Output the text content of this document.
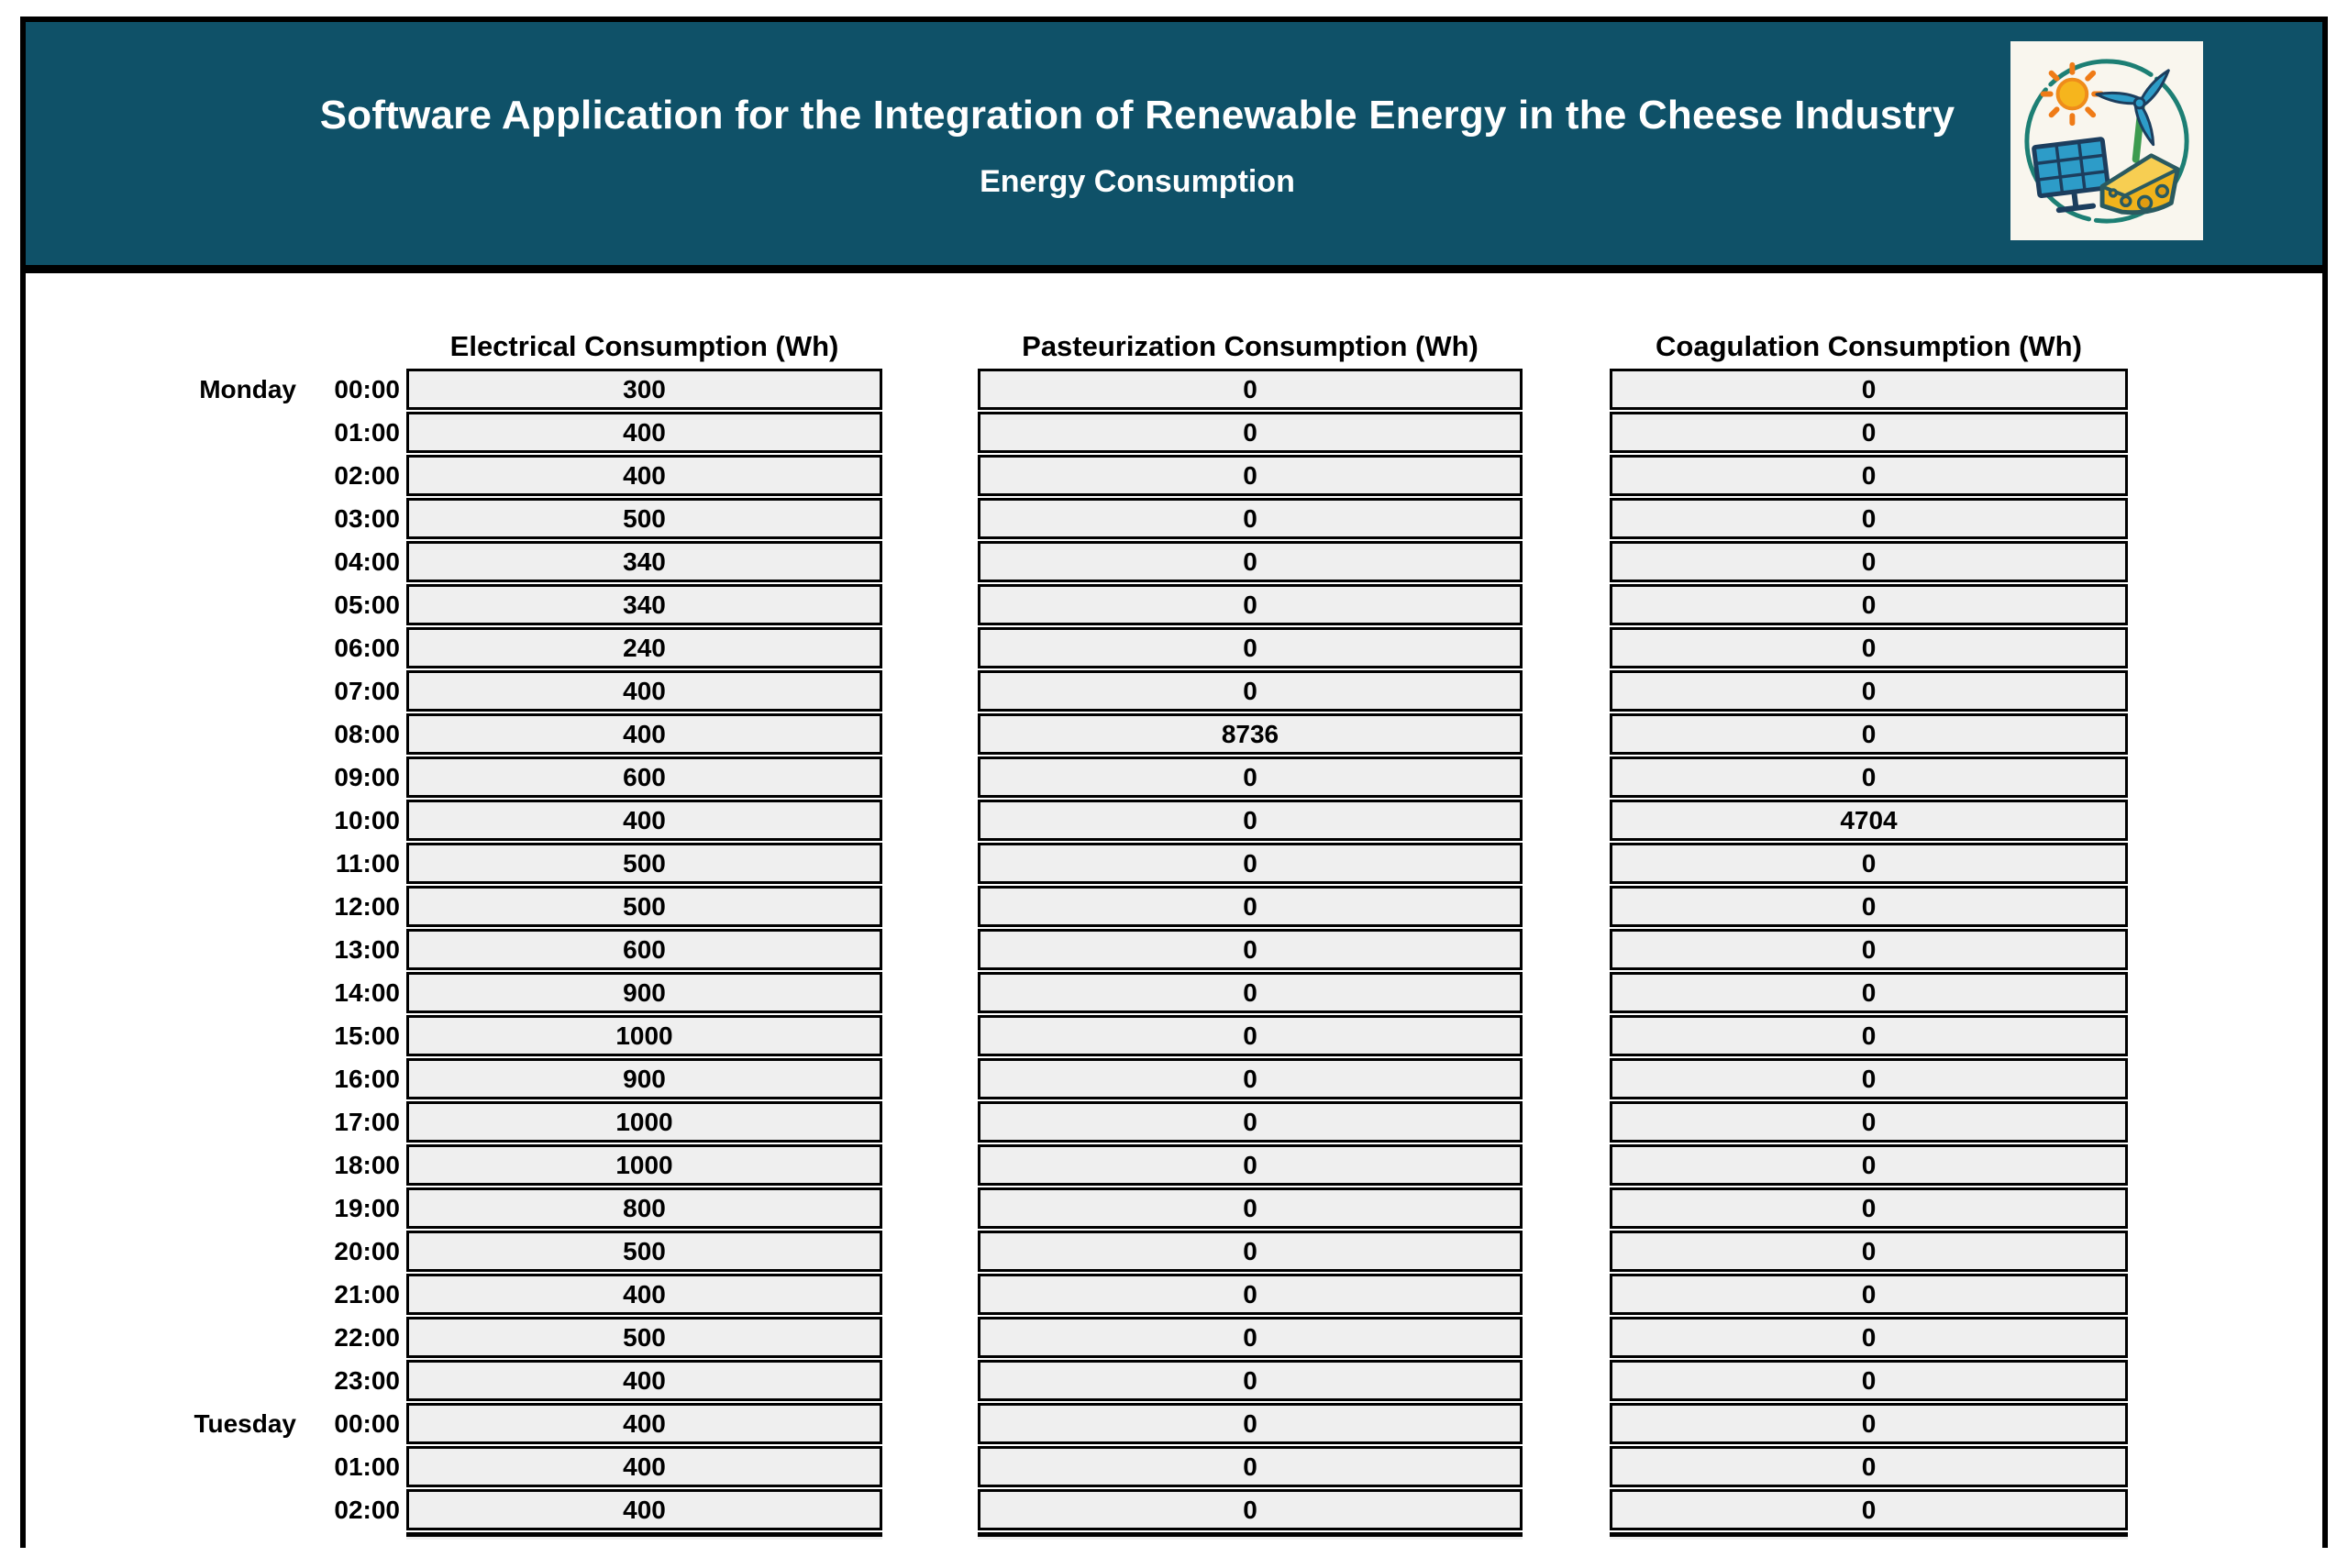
Software Application for the Integration of Renewable Energy in the Cheese Industry
Energy Consumption
Electrical Consumption (Wh)	Pasteurization Consumption (Wh)	Coagulation Consumption (Wh)
Monday	00:00	300	0	0
01:00	400	0	0
02:00	400	0	0
03:00	500	0	0
04:00	340	0	0
05:00	340	0	0
06:00	240	0	0
07:00	400	0	0
08:00	400	8736	0
09:00	600	0	0
10:00	400	0	4704
11:00	500	0	0
12:00	500	0	0
13:00	600	0	0
14:00	900	0	0
15:00	1000	0	0
16:00	900	0	0
17:00	1000	0	0
18:00	1000	0	0
19:00	800	0	0
20:00	500	0	0
21:00	400	0	0
22:00	500	0	0
23:00	400	0	0
Tuesday	00:00	400	0	0
01:00	400	0	0
02:00	400	0	0
